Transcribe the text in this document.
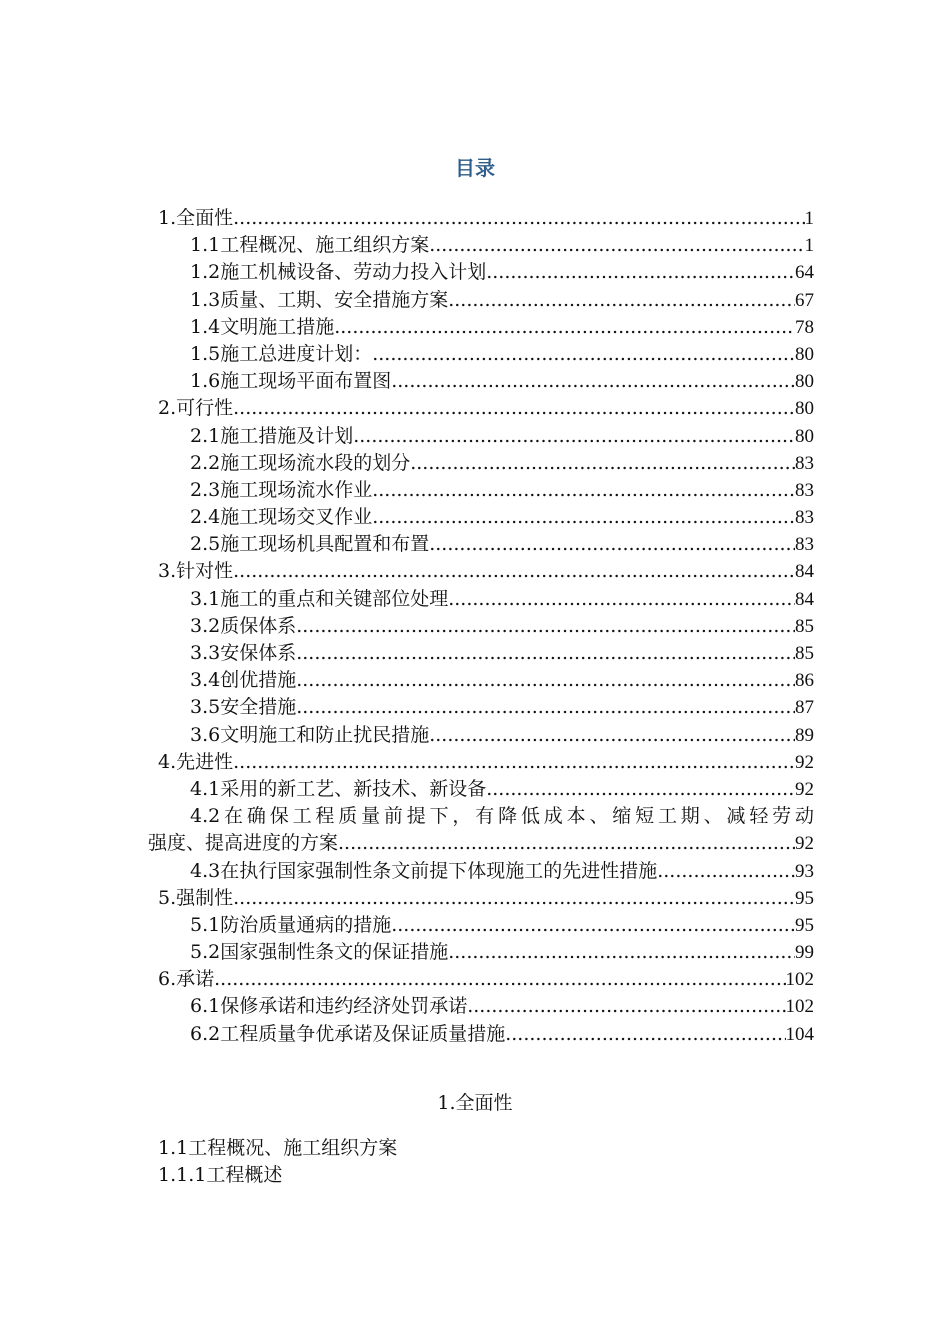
目录
1.全面性 .....	1
1.1工程概况、施工组织方案 .....	1
1.2施工机械设备、劳动力投入计划 .....	64
1.3质量、工期、安全措施方案 .....	67
1.4文明施工措施 .....	78
1.5施工总进度计划： .....	80
1.6施工现场平面布置图 .....	80
2.可行性 .....	80
2.1施工措施及计划 .....	80
2.2施工现场流水段的划分 .....	83
2.3施工现场流水作业 .....	83
2.4施工现场交叉作业 .....	83
2.5施工现场机具配置和布置 .....	83
3.针对性 .....	84
3.1施工的重点和关键部位处理 .....	84
3.2质保体系 .....	85
3.3安保体系 .....	85
3.4创优措施 .....	86
3.5安全措施 .....	87
3.6文明施工和防止扰民措施 .....	89
4.先进性 .....	92
4.1采用的新工艺、新技术、新设备 .....	92
4.2在确保工程质量前提下，有降低成本、缩短工期、减轻劳动
强度、提高进度的方案 .....	92
4.3在执行国家强制性条文前提下体现施工的先进性措施 .....	93
5.强制性 .....	95
5.1防治质量通病的措施 .....	95
5.2国家强制性条文的保证措施 .....	99
6.承诺 .....	102
6.1保修承诺和违约经济处罚承诺 .....	102
6.2工程质量争优承诺及保证质量措施 .....	104
1.全面性
1.1工程概况、施工组织方案
1.1.1工程概述
